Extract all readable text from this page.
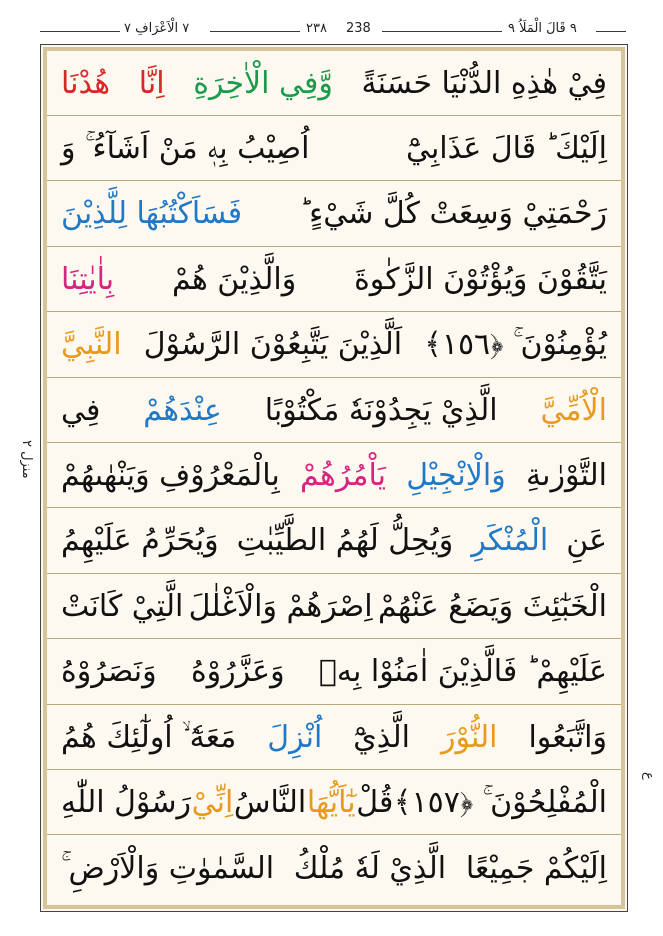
٧ الْاَعْرَافِ ٧	٢٣٨ 238	٩ قَالَ الْمَلَاُ ٩
منزل ٢
ع
فِيْ هٰذِهِ الدُّنْيَا حَسَنَةً
وَّفِي الْاٰخِرَةِ
اِنَّا
هُدْنَا
اِلَيْكَ ؕ قَالَ عَذَابِيْٓ
اُصِيْبُ بِهٖ مَنْ اَشَآءُ ۚ وَ
رَحْمَتِيْ وَسِعَتْ كُلَّ شَيْءٍ ؕ
فَسَاَكْتُبُهَا لِلَّذِيْنَ
يَتَّقُوْنَ وَيُؤْتُوْنَ الزَّكٰوةَ
وَالَّذِيْنَ هُمْ
بِاٰيٰتِنَا
يُؤْمِنُوْنَ ۚ ﴿١٥٦﴾
اَلَّذِيْنَ يَتَّبِعُوْنَ الرَّسُوْلَ
النَّبِيَّ
الْاُمِّيَّ
الَّذِيْ يَجِدُوْنَهٗ مَكْتُوْبًا
عِنْدَهُمْ
فِي
التَّوْرٰىةِ
وَالْاِنْجِيْلِ
يَاْمُرُهُمْ
بِالْمَعْرُوْفِ وَيَنْهٰىهُمْ
عَنِ
الْمُنْكَرِ
وَيُحِلُّ لَهُمُ الطَّيِّبٰتِ
وَيُحَرِّمُ عَلَيْهِمُ
الْخَبٰٓئِثَ وَيَضَعُ عَنْهُمْ
اِصْرَهُمْ وَالْاَغْلٰلَ
الَّتِيْ كَانَتْ
عَلَيْهِمْ ؕ فَالَّذِيْنَ اٰمَنُوْا بِهٖ
وَعَزَّرُوْهُ
وَنَصَرُوْهُ
وَاتَّبَعُوا
النُّوْرَ
الَّذِيْٓ
اُنْزِلَ
مَعَهٗٓ ۙ اُولٰٓئِكَ هُمُ
الْمُفْلِحُوْنَ ۚ ﴿١٥٧﴾
قُلْ
يٰٓاَيُّهَا
النَّاسُ
اِنِّيْ
رَسُوْلُ اللّٰهِ
اِلَيْكُمْ جَمِيْعًا
الَّذِيْ لَهٗ مُلْكُ
السَّمٰوٰتِ وَالْاَرْضِ ۚ
